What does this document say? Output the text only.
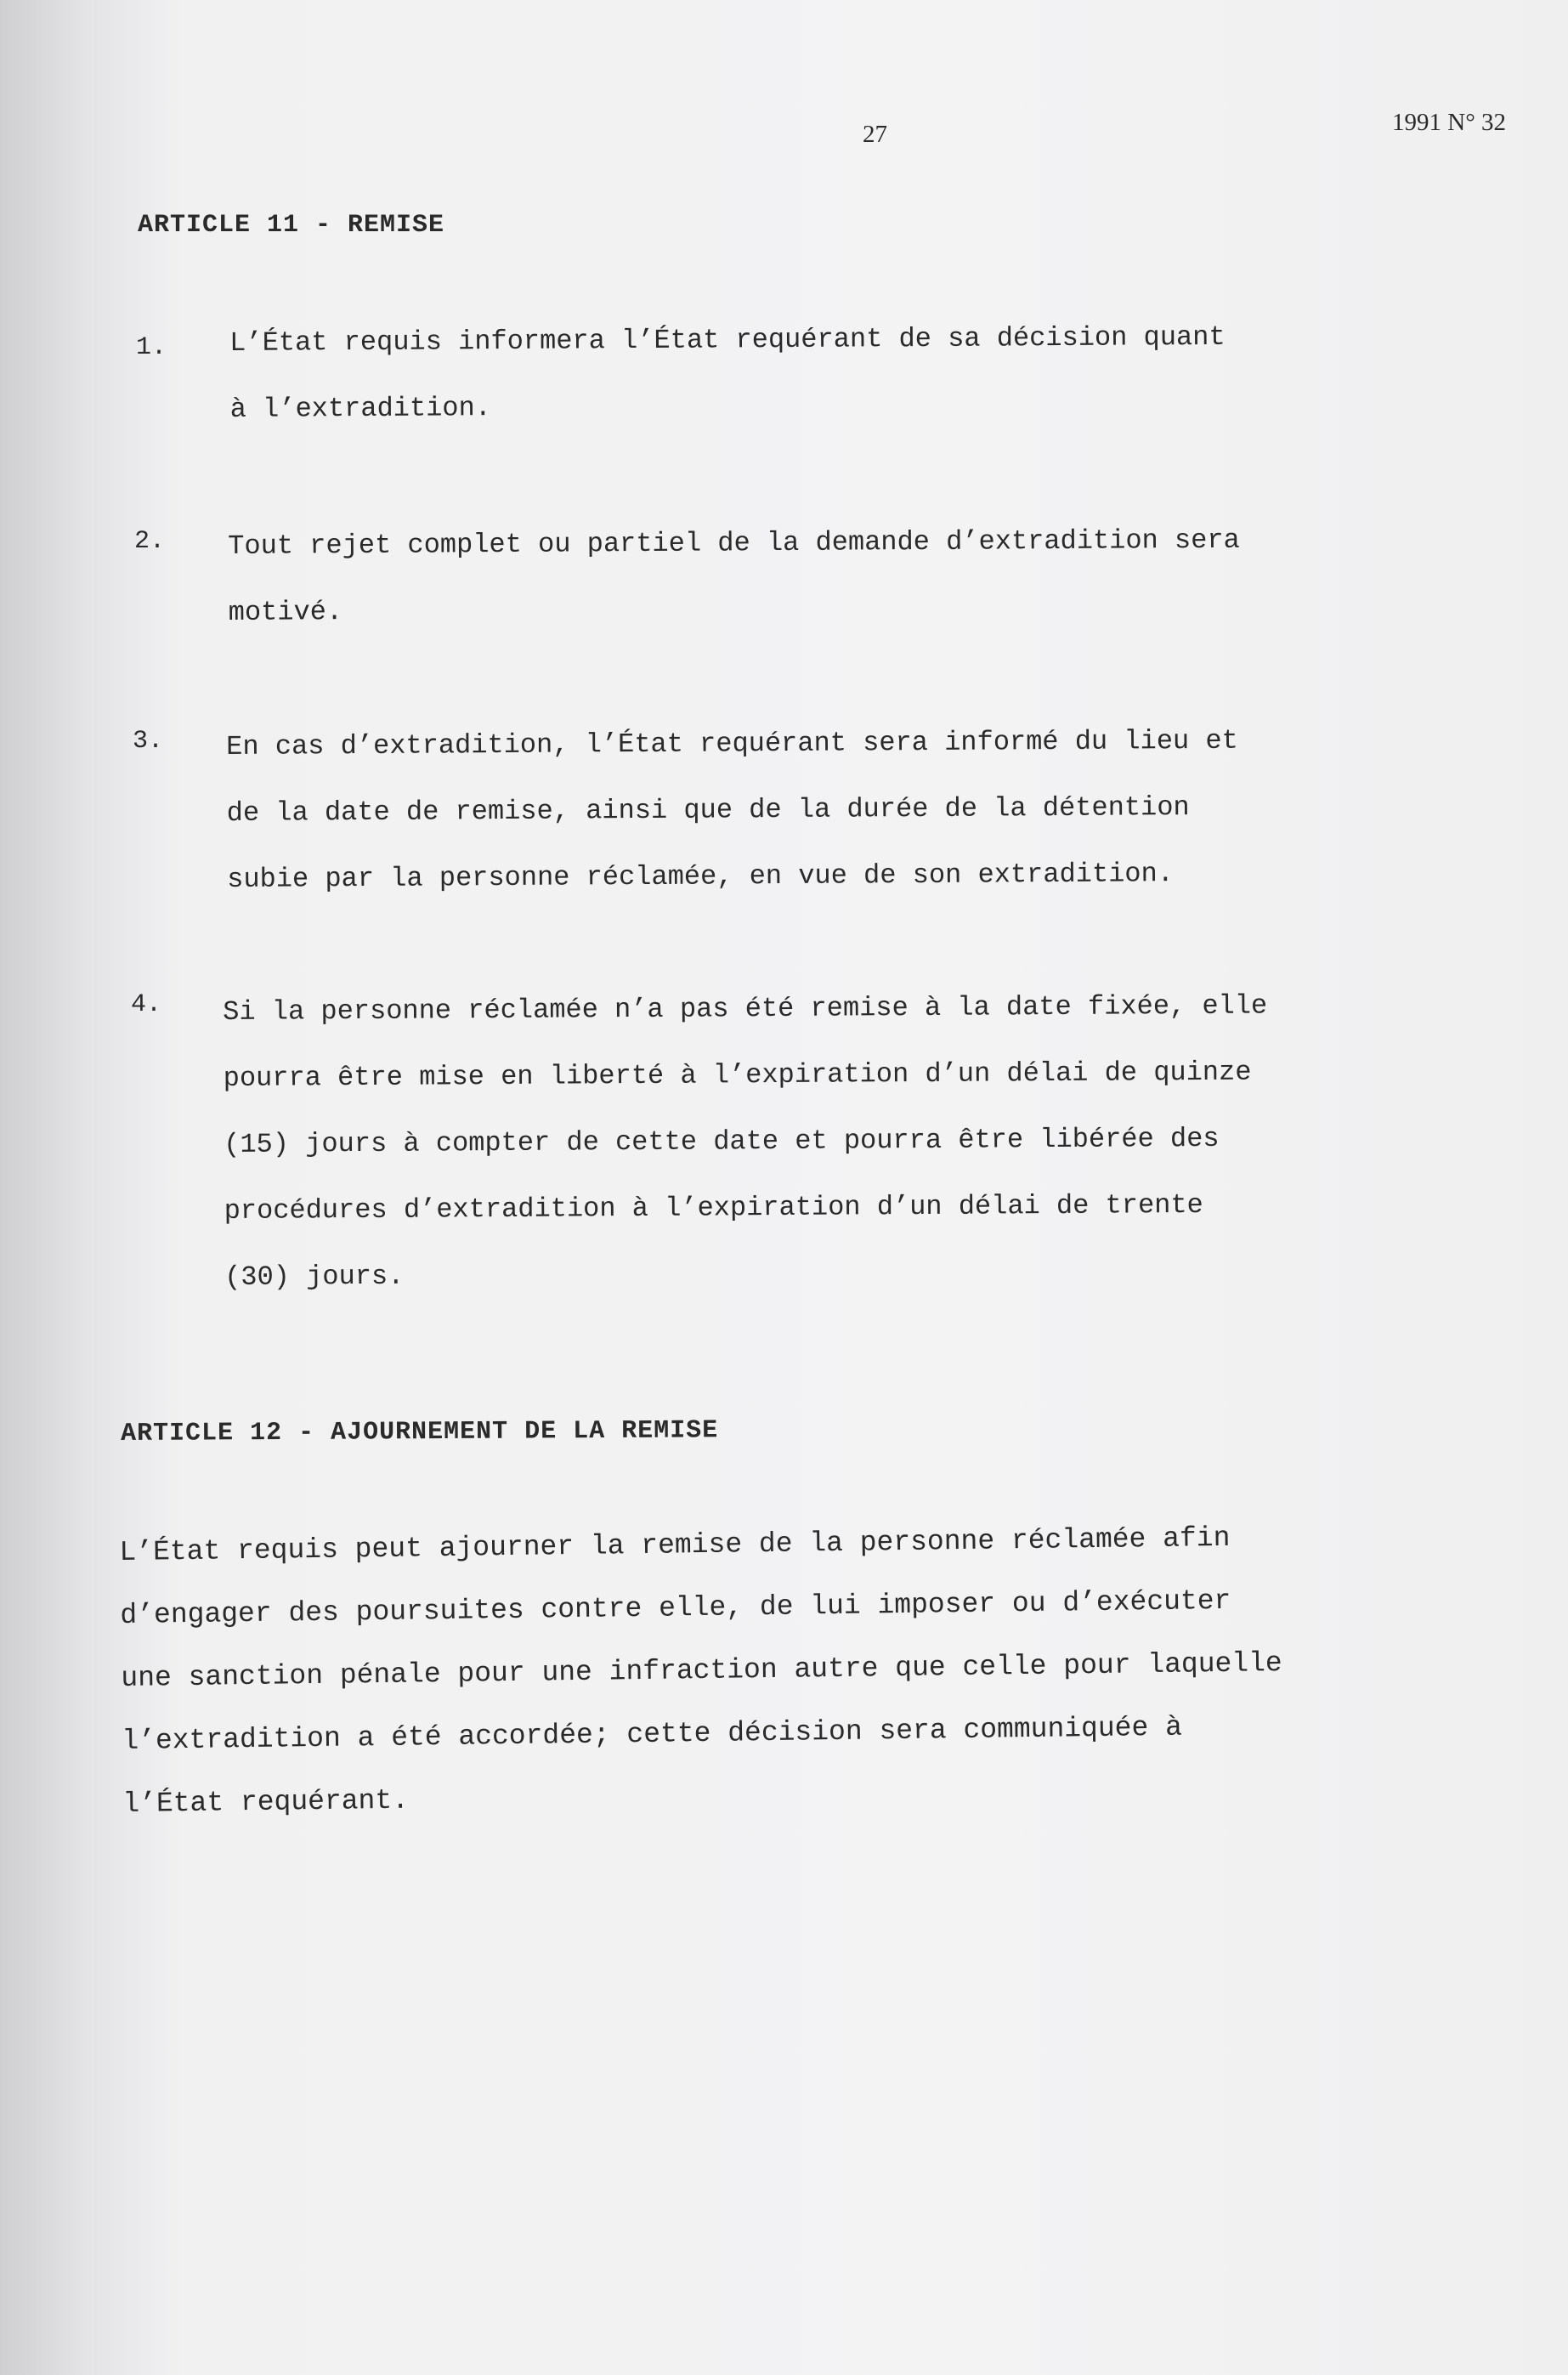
27	1991 N° 32
ARTICLE 11 - REMISE
1. L’État requis informera l’État requérant de sa décision quant
à l’extradition.
2. Tout rejet complet ou partiel de la demande d’extradition sera
motivé.
3. En cas d’extradition, l’État requérant sera informé du lieu et
de la date de remise, ainsi que de la durée de la détention
subie par la personne réclamée, en vue de son extradition.
4. Si la personne réclamée n’a pas été remise à la date fixée, elle
pourra être mise en liberté à l’expiration d’un délai de quinze
(15) jours à compter de cette date et pourra être libérée des
procédures d’extradition à l’expiration d’un délai de trente
(30) jours.
ARTICLE 12 - AJOURNEMENT DE LA REMISE
L’État requis peut ajourner la remise de la personne réclamée afin
d’engager des poursuites contre elle, de lui imposer ou d’exécuter
une sanction pénale pour une infraction autre que celle pour laquelle
l’extradition a été accordée; cette décision sera communiquée à
l’État requérant.
